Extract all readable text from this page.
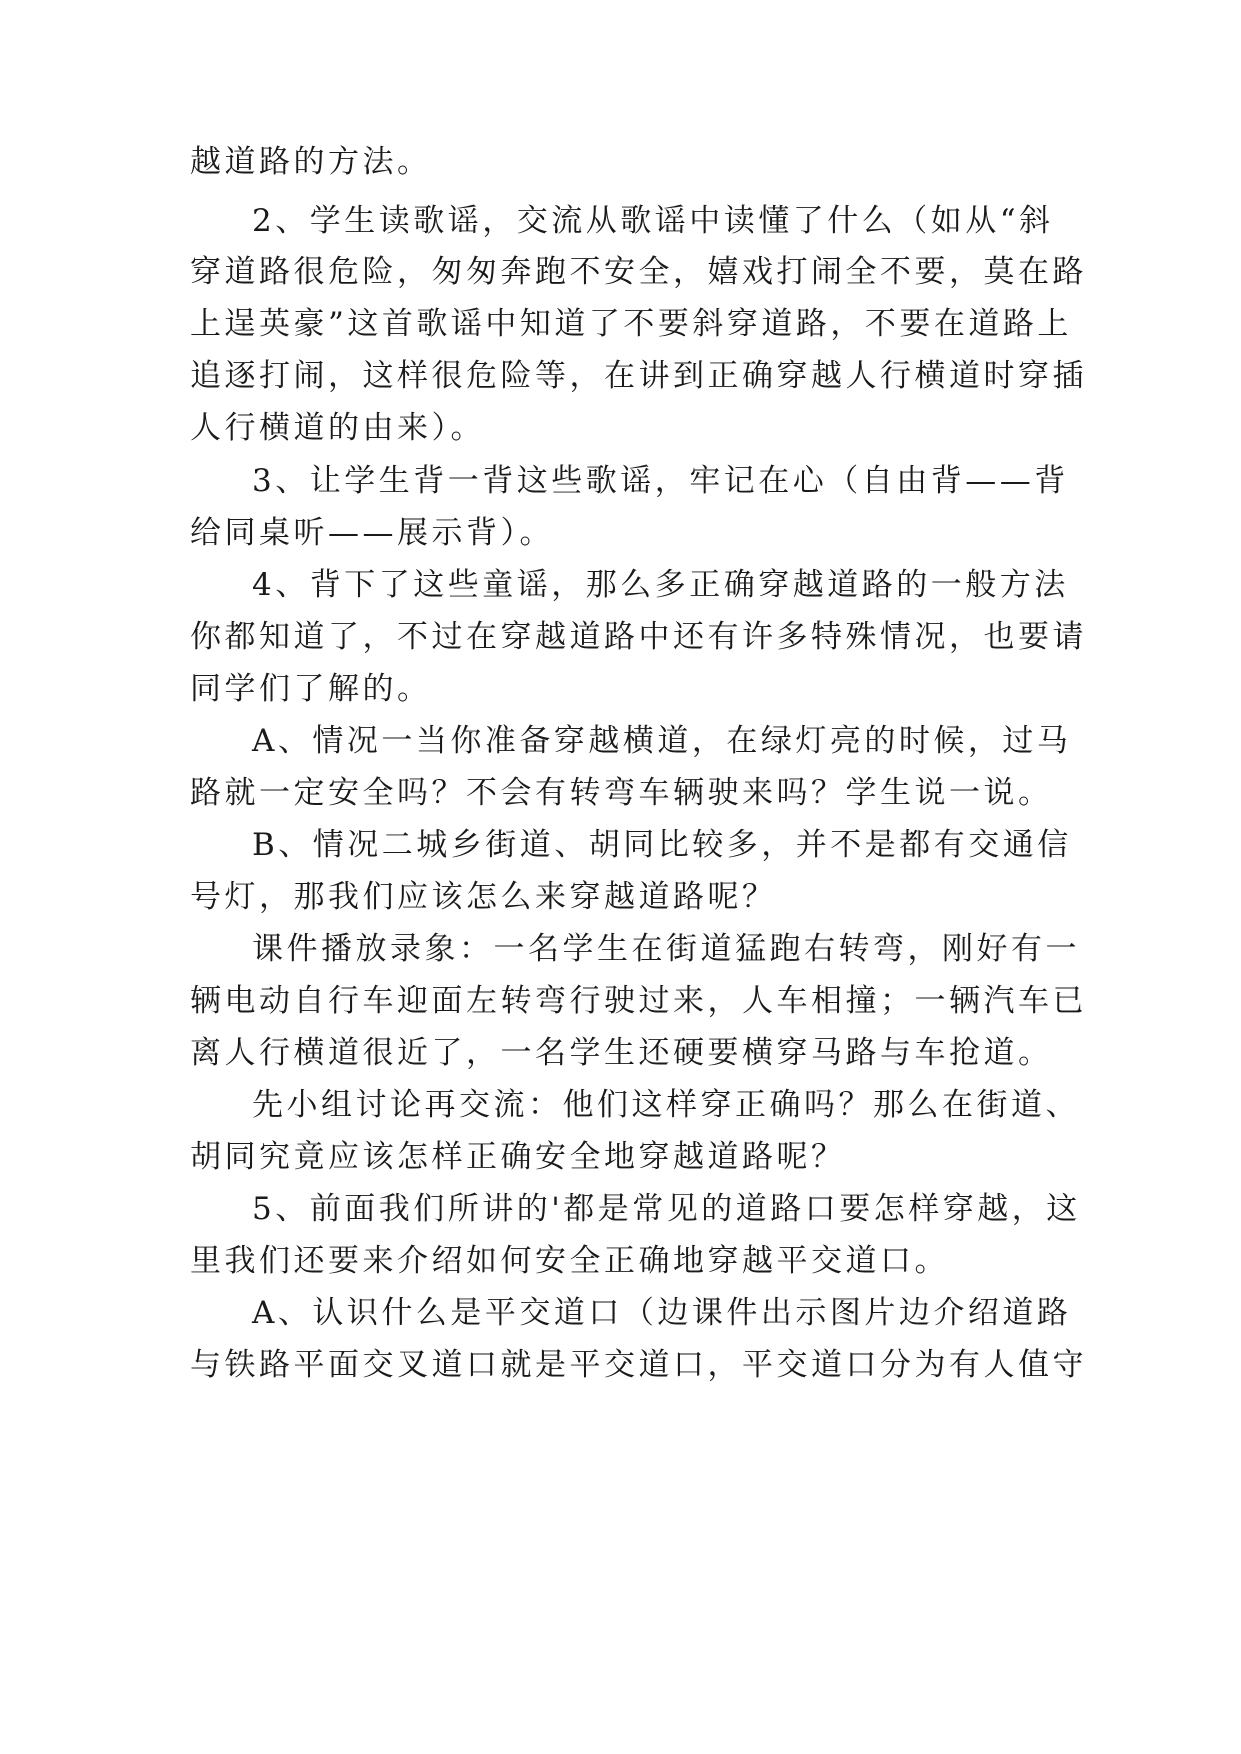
越道路的方法。
2、学生读歌谣，交流从歌谣中读懂了什么（如从“斜
穿道路很危险，匆匆奔跑不安全，嬉戏打闹全不要，莫在路
上逞英豪”这首歌谣中知道了不要斜穿道路，不要在道路上
追逐打闹，这样很危险等，在讲到正确穿越人行横道时穿插
人行横道的由来）。
3、让学生背一背这些歌谣，牢记在心（自由背——背
给同桌听——展示背）。
4、背下了这些童谣，那么多正确穿越道路的一般方法
你都知道了，不过在穿越道路中还有许多特殊情况，也要请
同学们了解的。
A、情况一当你准备穿越横道，在绿灯亮的时候，过马
路就一定安全吗？不会有转弯车辆驶来吗？学生说一说。
B、情况二城乡街道、胡同比较多，并不是都有交通信
号灯，那我们应该怎么来穿越道路呢？
课件播放录象：一名学生在街道猛跑右转弯，刚好有一
辆电动自行车迎面左转弯行驶过来，人车相撞；一辆汽车已
离人行横道很近了，一名学生还硬要横穿马路与车抢道。
先小组讨论再交流：他们这样穿正确吗？那么在街道、
胡同究竟应该怎样正确安全地穿越道路呢？
5、前面我们所讲的'都是常见的道路口要怎样穿越，这
里我们还要来介绍如何安全正确地穿越平交道口。
A、认识什么是平交道口（边课件出示图片边介绍道路
与铁路平面交叉道口就是平交道口，平交道口分为有人值守
